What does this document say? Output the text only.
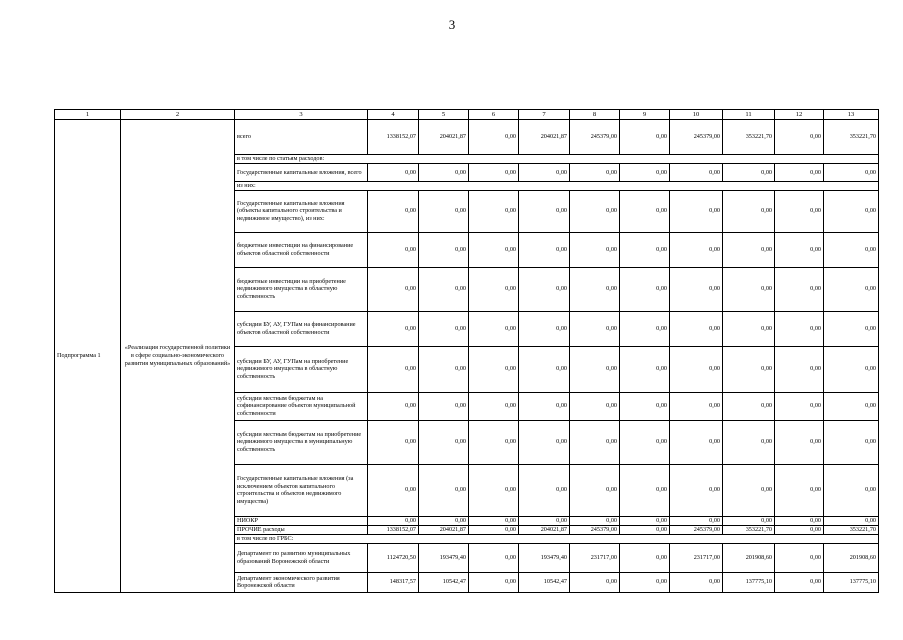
3
1	2	3	4	5	6	7	8	9	10	11	12	13
Подпрограмма 1	«Реализация государственной политики в сфере социально-экономического развития муниципальных образований»	всего	1338152,07	204021,87	0,00	204021,87	245379,00	0,00	245379,00	353221,70	0,00	353221,70
		в том числе по статьям расходов:										
		Государственные капитальные вложения, всего	0,00	0,00	0,00	0,00	0,00	0,00	0,00	0,00	0,00	0,00
		из них:										
		Государственные капитальные вложения (объекты капитального строительства и недвижимое имущество), из них:	0,00	0,00	0,00	0,00	0,00	0,00	0,00	0,00	0,00	0,00
		бюджетные инвестиции на финансирование объектов областной собственности	0,00	0,00	0,00	0,00	0,00	0,00	0,00	0,00	0,00	0,00
		бюджетные инвестиции на приобретение недвижимого имущества в областную собственность	0,00	0,00	0,00	0,00	0,00	0,00	0,00	0,00	0,00	0,00
		субсидии БУ, АУ, ГУПам на финансирование объектов областной собственности	0,00	0,00	0,00	0,00	0,00	0,00	0,00	0,00	0,00	0,00
		субсидии БУ, АУ, ГУПам на приобретение недвижимого имущества в областную собственность	0,00	0,00	0,00	0,00	0,00	0,00	0,00	0,00	0,00	0,00
		субсидии местным бюджетам на софинансирование объектов муниципальной собственности	0,00	0,00	0,00	0,00	0,00	0,00	0,00	0,00	0,00	0,00
		субсидии местным бюджетам на приобретение недвижимого имущества в муниципальную собственность	0,00	0,00	0,00	0,00	0,00	0,00	0,00	0,00	0,00	0,00
		Государственные капитальные вложения (за исключением объектов капитального строительства и объектов недвижимого имущества)	0,00	0,00	0,00	0,00	0,00	0,00	0,00	0,00	0,00	0,00
		НИОКР	0,00	0,00	0,00	0,00	0,00	0,00	0,00	0,00	0,00	0,00
		ПРОЧИЕ расходы	1338152,07	204021,87	0,00	204021,87	245379,00	0,00	245379,00	353221,70	0,00	353221,70
		в том числе по ГРБС:										
		Департамент по развитию муниципальных образований Воронежской области	1124720,50	193479,40	0,00	193479,40	231717,00	0,00	231717,00	201908,60	0,00	201908,60
		Департамент экономического развития Воронежской области	148317,57	10542,47	0,00	10542,47	0,00	0,00	0,00	137775,10	0,00	137775,10
